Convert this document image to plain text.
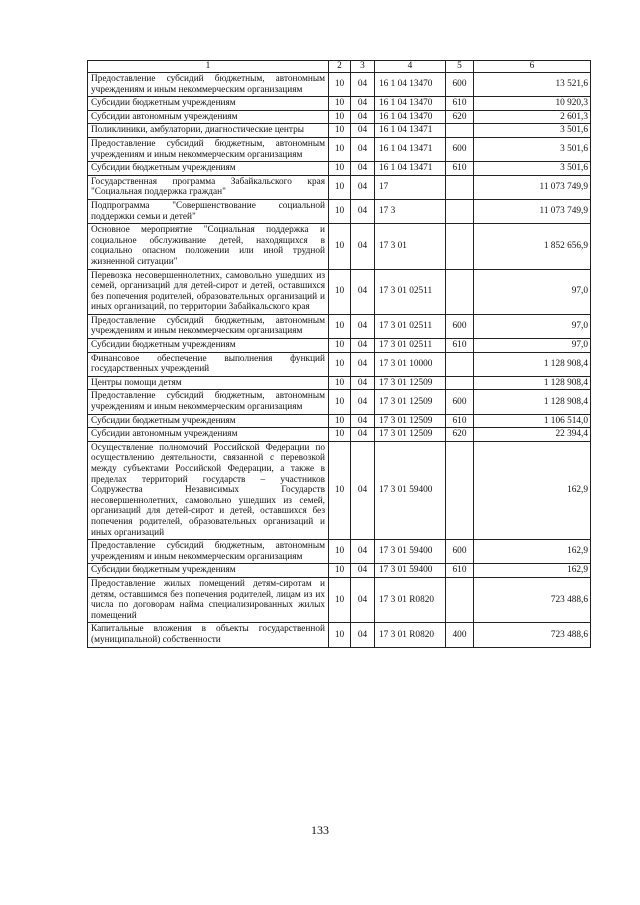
1	2	3	4	5	6
Предоставление субсидий бюджетным, автономным учреждениям и иным некоммерческим организациям	10	04	16 1 04 13470	600	13 521,6
Субсидии бюджетным учреждениям	10	04	16 1 04 13470	610	10 920,3
Субсидии автономным учреждениям	10	04	16 1 04 13470	620	2 601,3
Поликлиники, амбулатории, диагностические центры	10	04	16 1 04 13471		3 501,6
Предоставление субсидий бюджетным, автономным учреждениям и иным некоммерческим организациям	10	04	16 1 04 13471	600	3 501,6
Субсидии бюджетным учреждениям	10	04	16 1 04 13471	610	3 501,6
Государственная программа Забайкальского края "Социальная поддержка граждан"	10	04	17		11 073 749,9
Подпрограмма "Совершенствование социальной поддержки семьи и детей"	10	04	17 3		11 073 749,9
Основное мероприятие "Социальная поддержка и социальное обслуживание детей, находящихся в социально опасном положении или иной трудной жизненной ситуации"	10	04	17 3 01		1 852 656,9
Перевозка несовершеннолетних, самовольно ушедших из семей, организаций для детей-сирот и детей, оставшихся без попечения родителей, образовательных организаций и иных организаций, по территории Забайкальского края	10	04	17 3 01 02511		97,0
Предоставление субсидий бюджетным, автономным учреждениям и иным некоммерческим организациям	10	04	17 3 01 02511	600	97,0
Субсидии бюджетным учреждениям	10	04	17 3 01 02511	610	97,0
Финансовое обеспечение выполнения функций государственных учреждений	10	04	17 3 01 10000		1 128 908,4
Центры помощи детям	10	04	17 3 01 12509		1 128 908,4
Предоставление субсидий бюджетным, автономным учреждениям и иным некоммерческим организациям	10	04	17 3 01 12509	600	1 128 908,4
Субсидии бюджетным учреждениям	10	04	17 3 01 12509	610	1 106 514,0
Субсидии автономным учреждениям	10	04	17 3 01 12509	620	22 394,4
Осуществление полномочий Российской Федерации по осуществлению деятельности, связанной с перевозкой между субъектами Российской Федерации, а также в пределах территорий государств – участников Содружества Независимых Государств несовершеннолетних, самовольно ушедших из семей, организаций для детей-сирот и детей, оставшихся без попечения родителей, образовательных организаций и иных организаций	10	04	17 3 01 59400		162,9
Предоставление субсидий бюджетным, автономным учреждениям и иным некоммерческим организациям	10	04	17 3 01 59400	600	162,9
Субсидии бюджетным учреждениям	10	04	17 3 01 59400	610	162,9
Предоставление жилых помещений детям-сиротам и детям, оставшимся без попечения родителей, лицам из их числа по договорам найма специализированных жилых помещений	10	04	17 3 01 R0820		723 488,6
Капитальные вложения в объекты государственной (муниципальной) собственности	10	04	17 3 01 R0820	400	723 488,6
133
